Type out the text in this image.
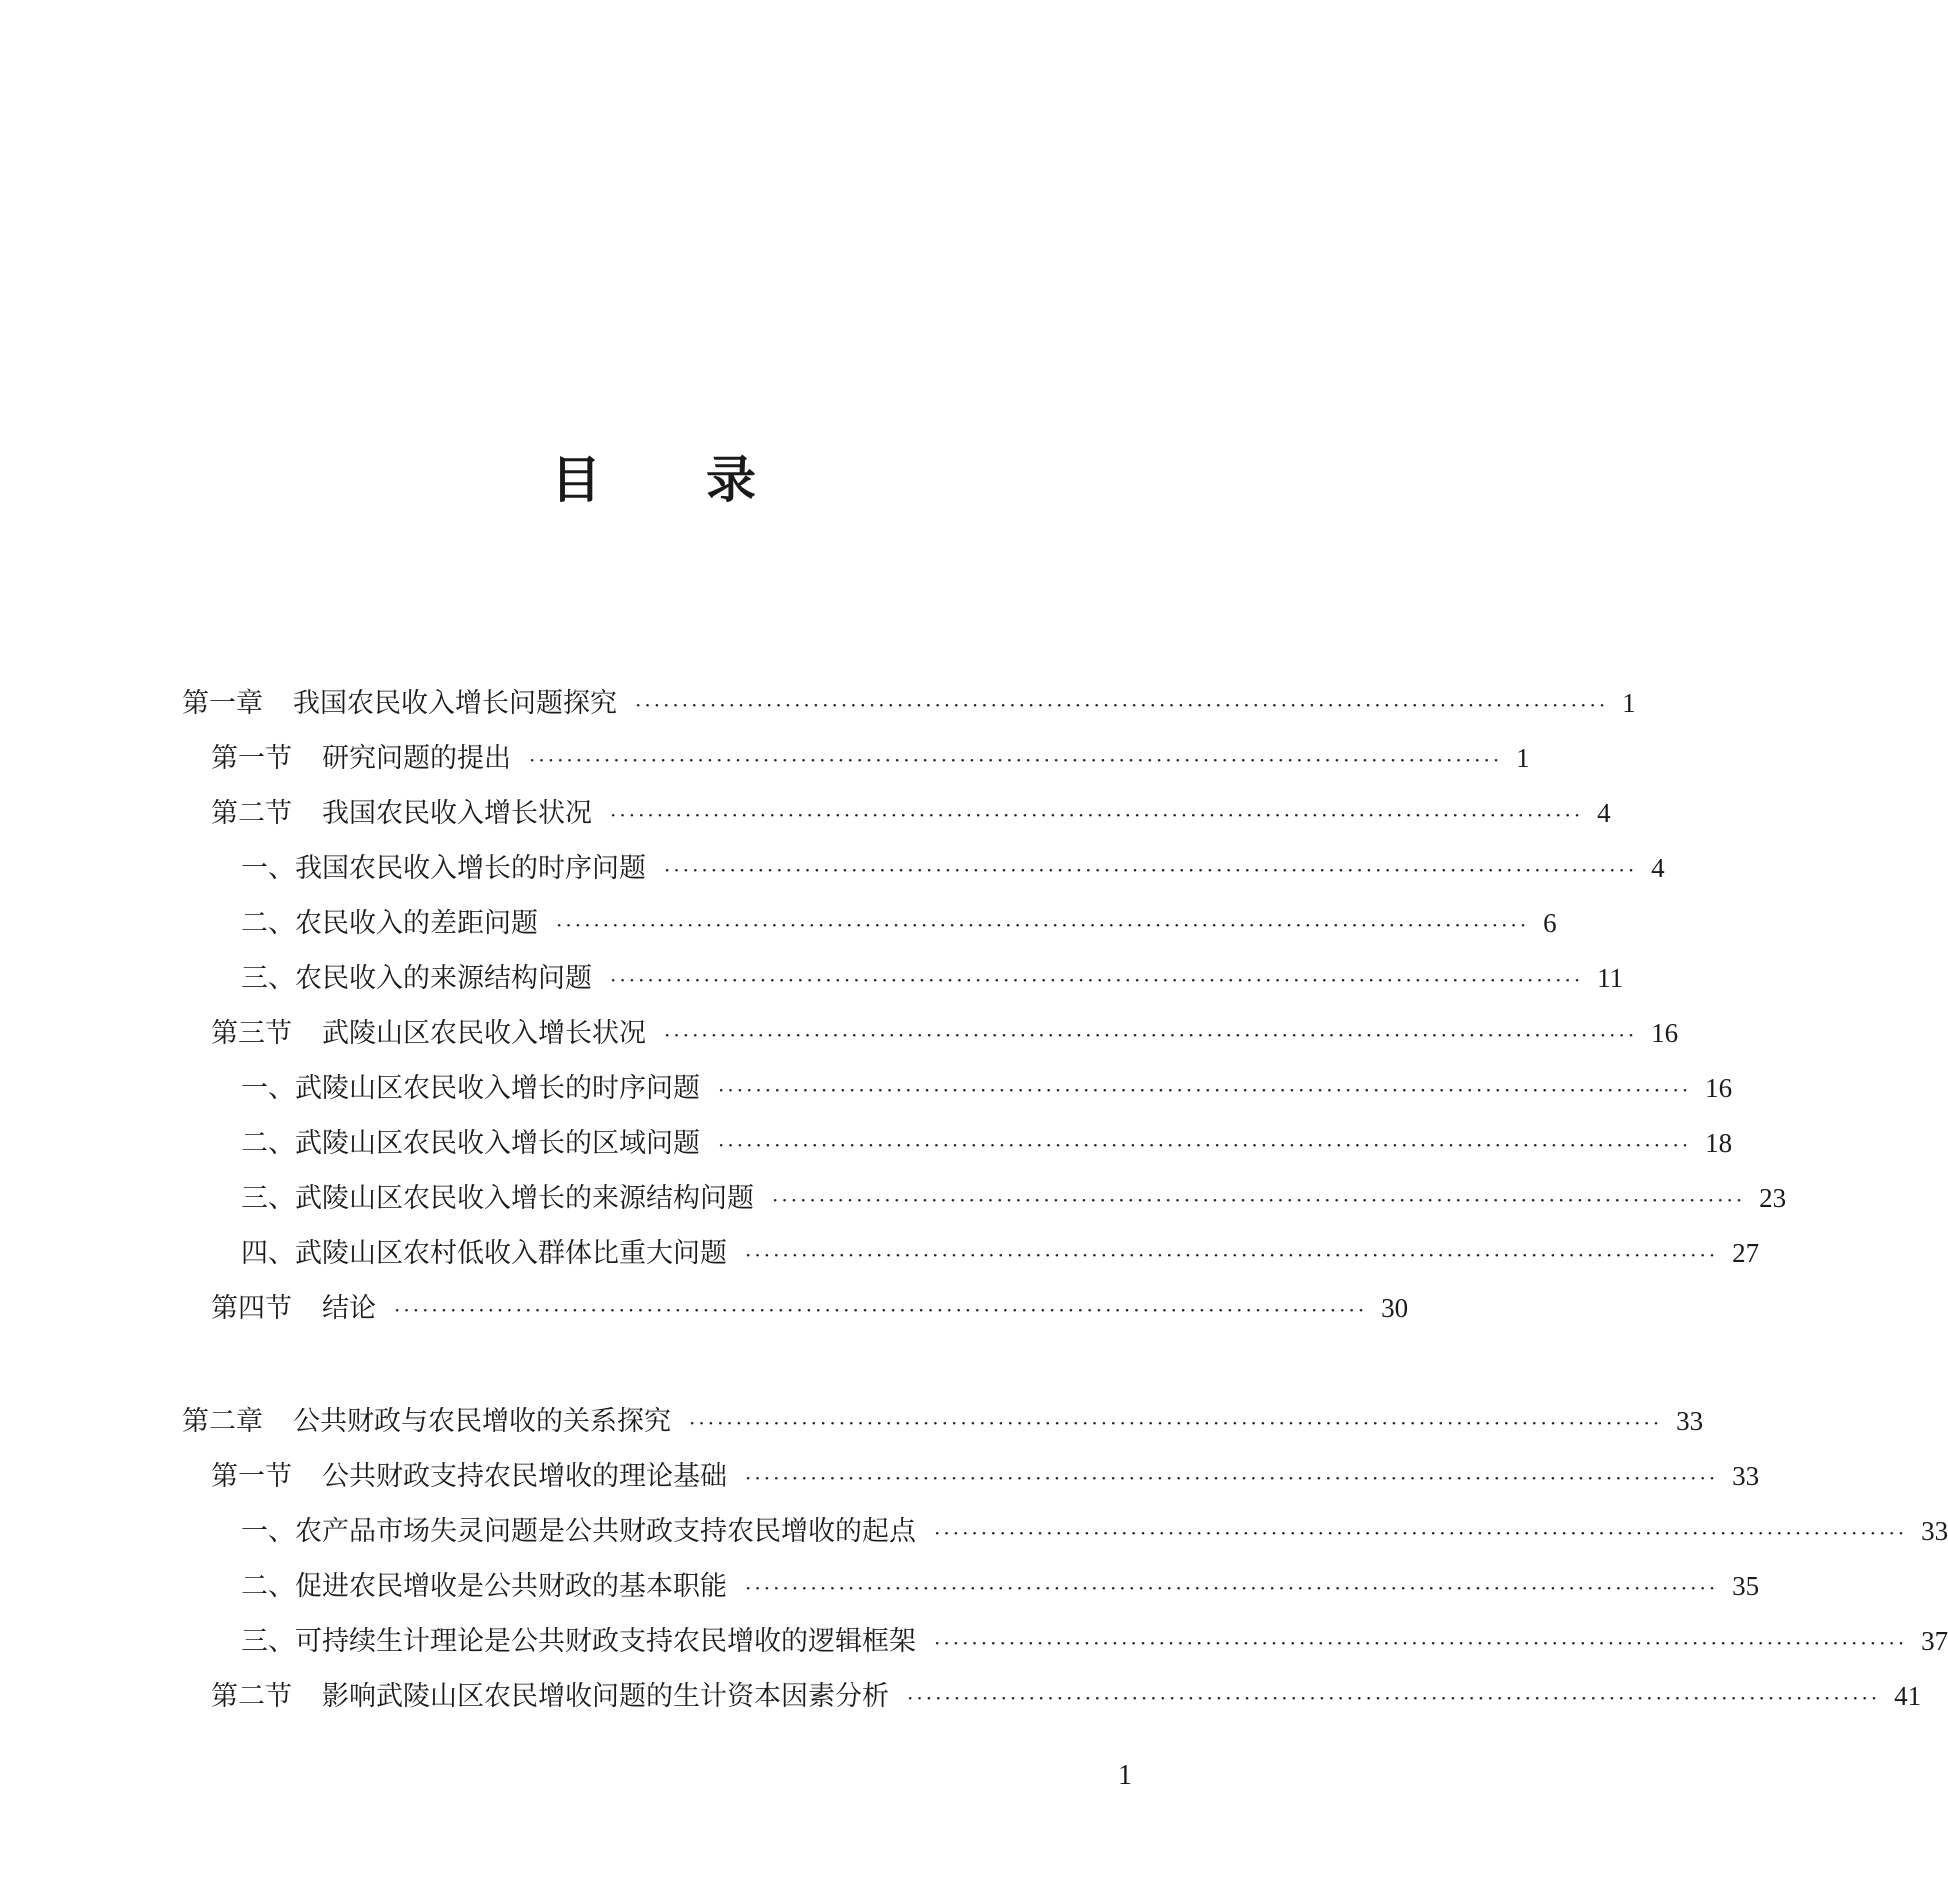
目 录
第一章 我国农民收入增长问题探究 ········································································································ 1
第一节 研究问题的提出 ········································································································ 1
第二节 我国农民收入增长状况 ········································································································ 4
一、我国农民收入增长的时序问题 ········································································································ 4
二、农民收入的差距问题 ········································································································ 6
三、农民收入的来源结构问题 ········································································································ 11
第三节 武陵山区农民收入增长状况 ········································································································ 16
一、武陵山区农民收入增长的时序问题 ········································································································ 16
二、武陵山区农民收入增长的区域问题 ········································································································ 18
三、武陵山区农民收入增长的来源结构问题 ········································································································ 23
四、武陵山区农村低收入群体比重大问题 ········································································································ 27
第四节 结论 ········································································································ 30
第二章 公共财政与农民增收的关系探究 ········································································································ 33
第一节 公共财政支持农民增收的理论基础 ········································································································ 33
一、农产品市场失灵问题是公共财政支持农民增收的起点 ········································································································ 33
二、促进农民增收是公共财政的基本职能 ········································································································ 35
三、可持续生计理论是公共财政支持农民增收的逻辑框架 ········································································································ 37
第二节 影响武陵山区农民增收问题的生计资本因素分析 ········································································································ 41
1
